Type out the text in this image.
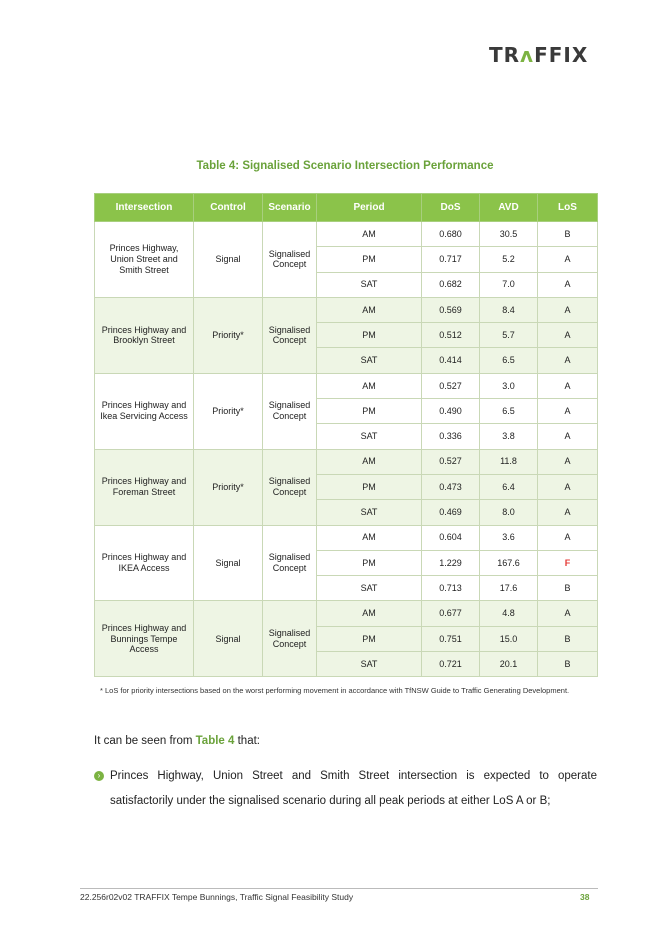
TRʌFFIX
Table 4: Signalised Scenario Intersection Performance
Intersection	Control	Scenario	Period	DoS	AVD	LoS
Princes Highway, Union Street and Smith Street	Signal	Signalised Concept	AM	0.680	30.5	B
			PM	0.717	5.2	A
			SAT	0.682	7.0	A
Princes Highway and Brooklyn Street	Priority*	Signalised Concept	AM	0.569	8.4	A
			PM	0.512	5.7	A
			SAT	0.414	6.5	A
Princes Highway and Ikea Servicing Access	Priority*	Signalised Concept	AM	0.527	3.0	A
			PM	0.490	6.5	A
			SAT	0.336	3.8	A
Princes Highway and Foreman Street	Priority*	Signalised Concept	AM	0.527	11.8	A
			PM	0.473	6.4	A
			SAT	0.469	8.0	A
Princes Highway and IKEA Access	Signal	Signalised Concept	AM	0.604	3.6	A
			PM	1.229	167.6	F
			SAT	0.713	17.6	B
Princes Highway and Bunnings Tempe Access	Signal	Signalised Concept	AM	0.677	4.8	A
			PM	0.751	15.0	B
			SAT	0.721	20.1	B
* LoS for priority intersections based on the worst performing movement in accordance with TfNSW Guide to Traffic Generating Development.
It can be seen from Table 4 that:
› Princes Highway, Union Street and Smith Street intersection is expected to operate satisfactorily under the signalised scenario during all peak periods at either LoS A or B;
22.256r02v02 TRAFFIX Tempe Bunnings, Traffic Signal Feasibility Study	38
